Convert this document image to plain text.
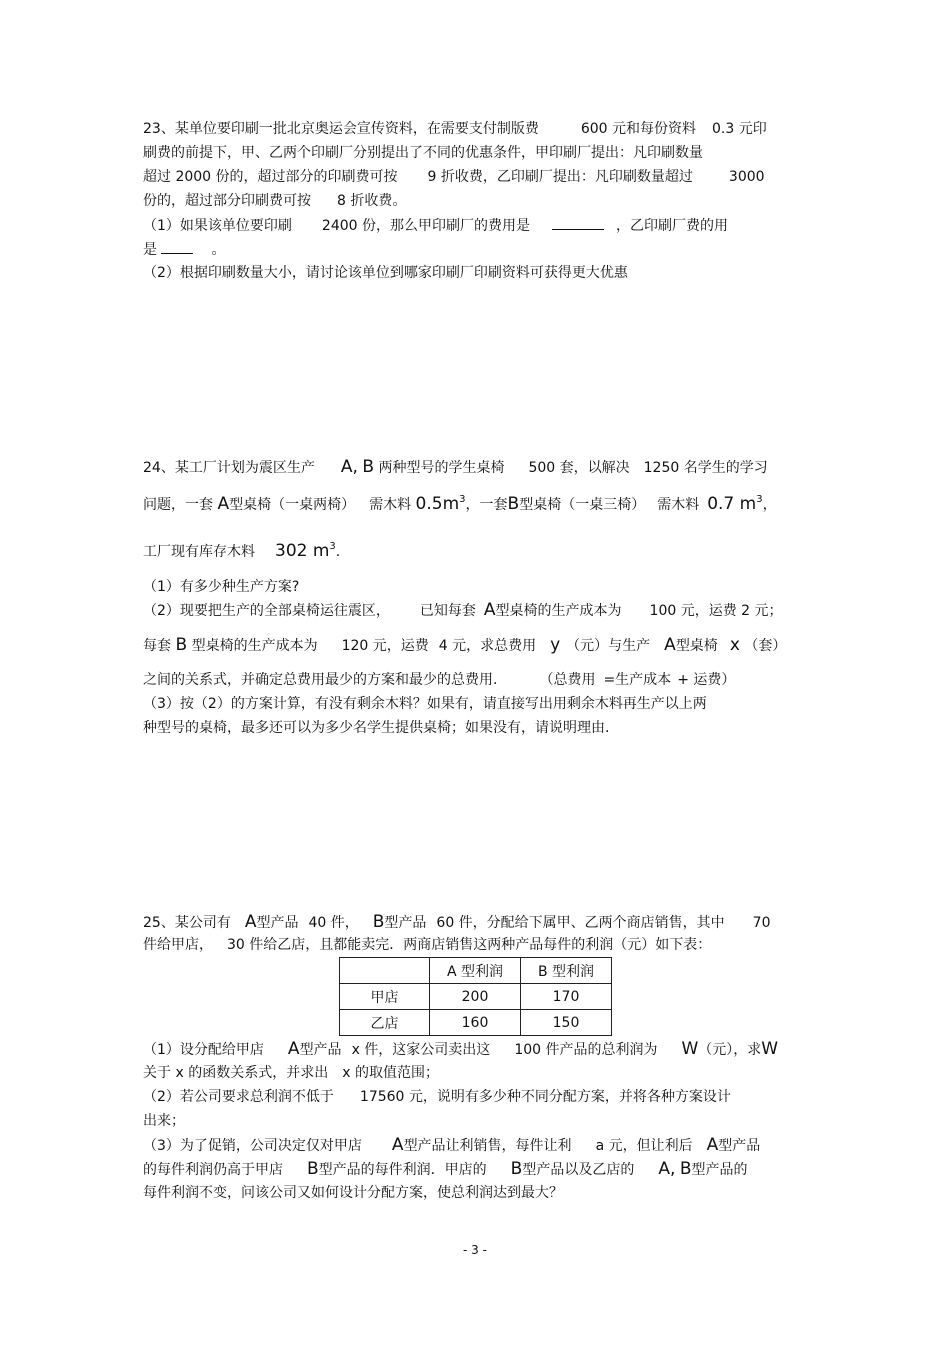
23、某单位要印刷一批北京奥运会宣传资料，在需要支付制版费	600 元和每份资料 0.3 元印
刷费的前提下，甲、乙两个印刷厂分别提出了不同的优惠条件，甲印刷厂提出：凡印刷数量
超过 2000 份的，超过部分的印刷费可按 9 折收费，乙印刷厂提出：凡印刷数量超过	3000
份的，超过部分印刷费可按 8 折收费。
（1）如果该单位要印刷 2400 份，那么甲印刷厂的费用是	，乙印刷厂费的用
是	。
（2）根据印刷数量大小，请讨论该单位到哪家印刷厂印刷资料可获得更大优惠
24、某工厂计划为震区生产 A, B 两种型号的学生桌椅 500 套，以解决 1250 名学生的学习
问题，一套 A型桌椅（一桌两椅） 需木料 $0.5m^3$，一套B型桌椅（一桌三椅） 需木料 0.7 $m^3$，
工厂现有库存木料 302 $m^3$.
（1）有多少种生产方案?
（2）现要把生产的全部桌椅运往震区， 已知每套 A型桌椅的生产成本为 100 元，运费 2 元；
每套 B 型桌椅的生产成本为 120 元，运费 4 元，求总费用 y （元）与生产 A型桌椅 x （套）
之间的关系式，并确定总费用最少的方案和最少的总费用.	（总费用 =生产成本 + 运费）
（3）按（2）的方案计算，有没有剩余木料？如果有，请直接写出用剩余木料再生产以上两
种型号的桌椅，最多还可以为多少名学生提供桌椅；如果没有，请说明理由.
25、某公司有 A型产品 40 件， B型产品 60 件，分配给下属甲、乙两个商店销售，其中 70
件给甲店， 30 件给乙店，且都能卖完．两商店销售这两种产品每件的利润（元）如下表：
	A 型利润	B 型利润
甲店	200	170
乙店	160	150
（1）设分配给甲店 A型产品 x 件，这家公司卖出这 100 件产品的总利润为 W（元），求W
关于 x 的函数关系式，并求出 x 的取值范围；
（2）若公司要求总利润不低于 17560 元，说明有多少种不同分配方案，并将各种方案设计
出来；
（3）为了促销，公司决定仅对甲店 A型产品让利销售，每件让利 a 元，但让利后 A型产品
的每件利润仍高于甲店 B型产品的每件利润．甲店的 B型产品以及乙店的 A, B型产品的
每件利润不变，问该公司又如何设计分配方案，使总利润达到最大？
- 3 -
